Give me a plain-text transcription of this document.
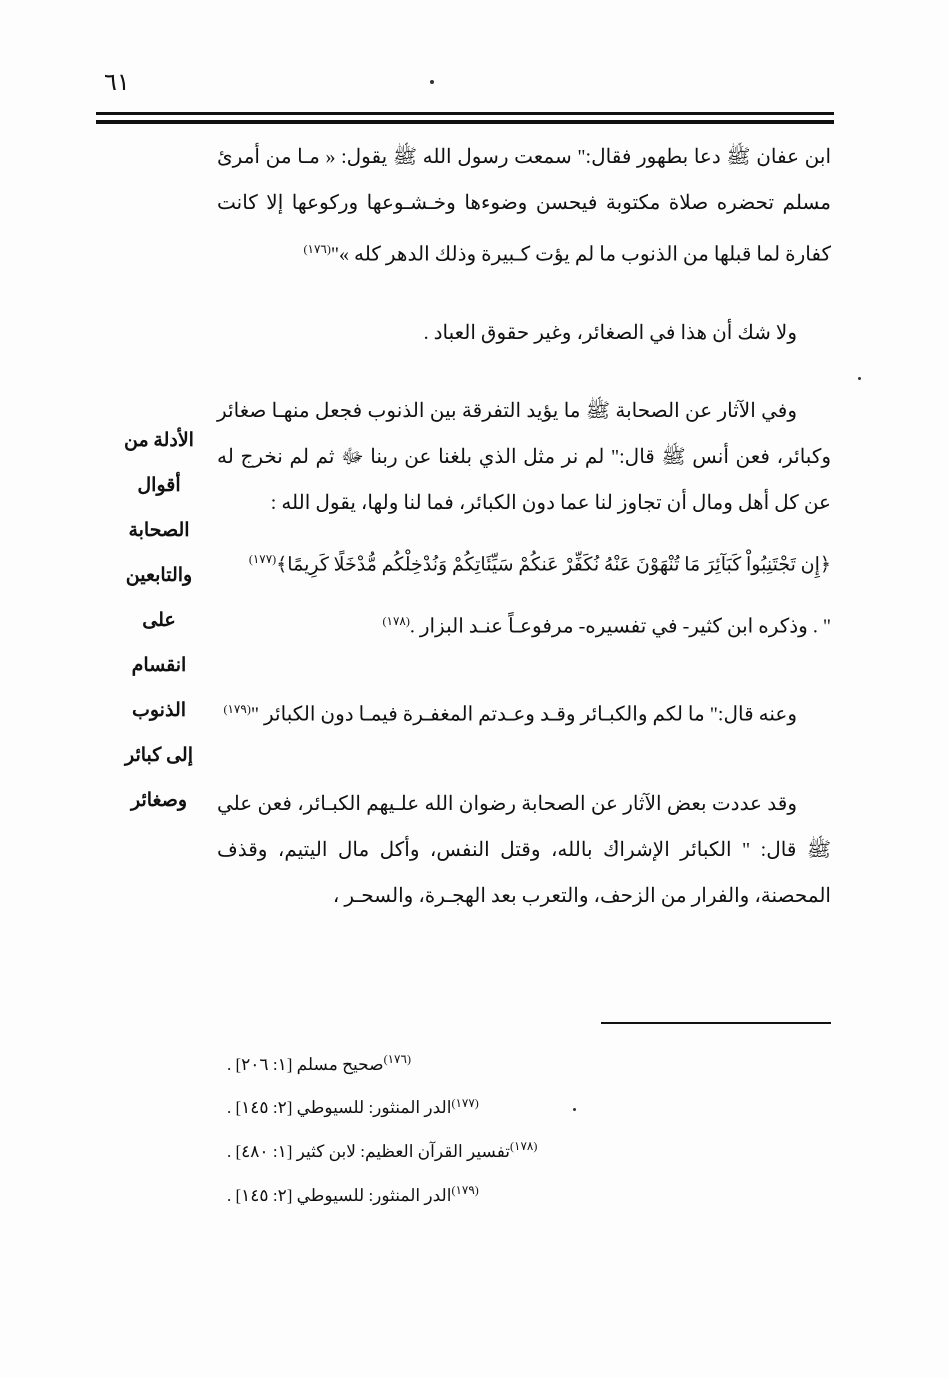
٦١
الأدلة من
أقوال الصحابة
والتابعين على
انقسام الذنوب
إلى كبائر
وصغائر

ابن عفان ﷺ دعا بطهور فقال:" سمعت رسول الله ﷺ يقول: « مـا من أمرئ مسلم تحضره صلاة مكتوبة فيحسن وضوءها وخـشـوعها وركوعها إلا كانت كفارة لما قبلها من الذنوب ما لم يؤت كـبيرة وذلك الدهر كله »"$^{(١٧٦)}$

ولا شك أن هذا في الصغائر، وغير حقوق العباد .

وفي الآثار عن الصحابة ﷺ ما يؤيد التفرقة بين الذنوب فجعل منهـا صغائر وكبائر، فعن أنس ﷺ قال:" لم نر مثل الذي بلغنا عن ربنا ﷻ ثم لم نخرج له عن كل أهل ومال أن تجاوز لنا عما دون الكبائر، فما لنا ولها، يقول الله :

﴿إِن تَجْتَنِبُواْ كَبَآئِرَ مَا تُنْهَوْنَ عَنْهُ نُكَفِّرْ عَنكُمْ سَيِّئَاتِكُمْ وَنُدْخِلْكُم مُّدْخَلًا كَرِيمًا﴾$^{(١٧٧)}$

" . وذكره ابن كثير- في تفسيره- مرفوعـاً عنـد البزار .$^{(١٧٨)}$

وعنه قال:" ما لكم والكبـائر وقـد وعـدتم المغفـرة فيمـا دون الكبائر "$^{(١٧٩)}$

وقد عددت بعض الآثار عن الصحابة رضوان الله علـيهم الكبـائر، فعن علي ﷺ قال: " الكبائر الإشراك بالله، وقتل النفس، وأكل مال اليتيم، وقذف المحصنة، والفرار من الزحف، والتعرب بعد الهجـرة، والسحـر ،

$^{(١٧٦)}$صحيح مسلم [١: ٢٠٦] .

$^{(١٧٧)}$الدر المنثور: للسيوطي [٢: ١٤٥] .

$^{(١٧٨)}$تفسير القرآن العظيم: لابن كثير [١: ٤٨٠] .

$^{(١٧٩)}$الدر المنثور: للسيوطي [٢: ١٤٥] .
